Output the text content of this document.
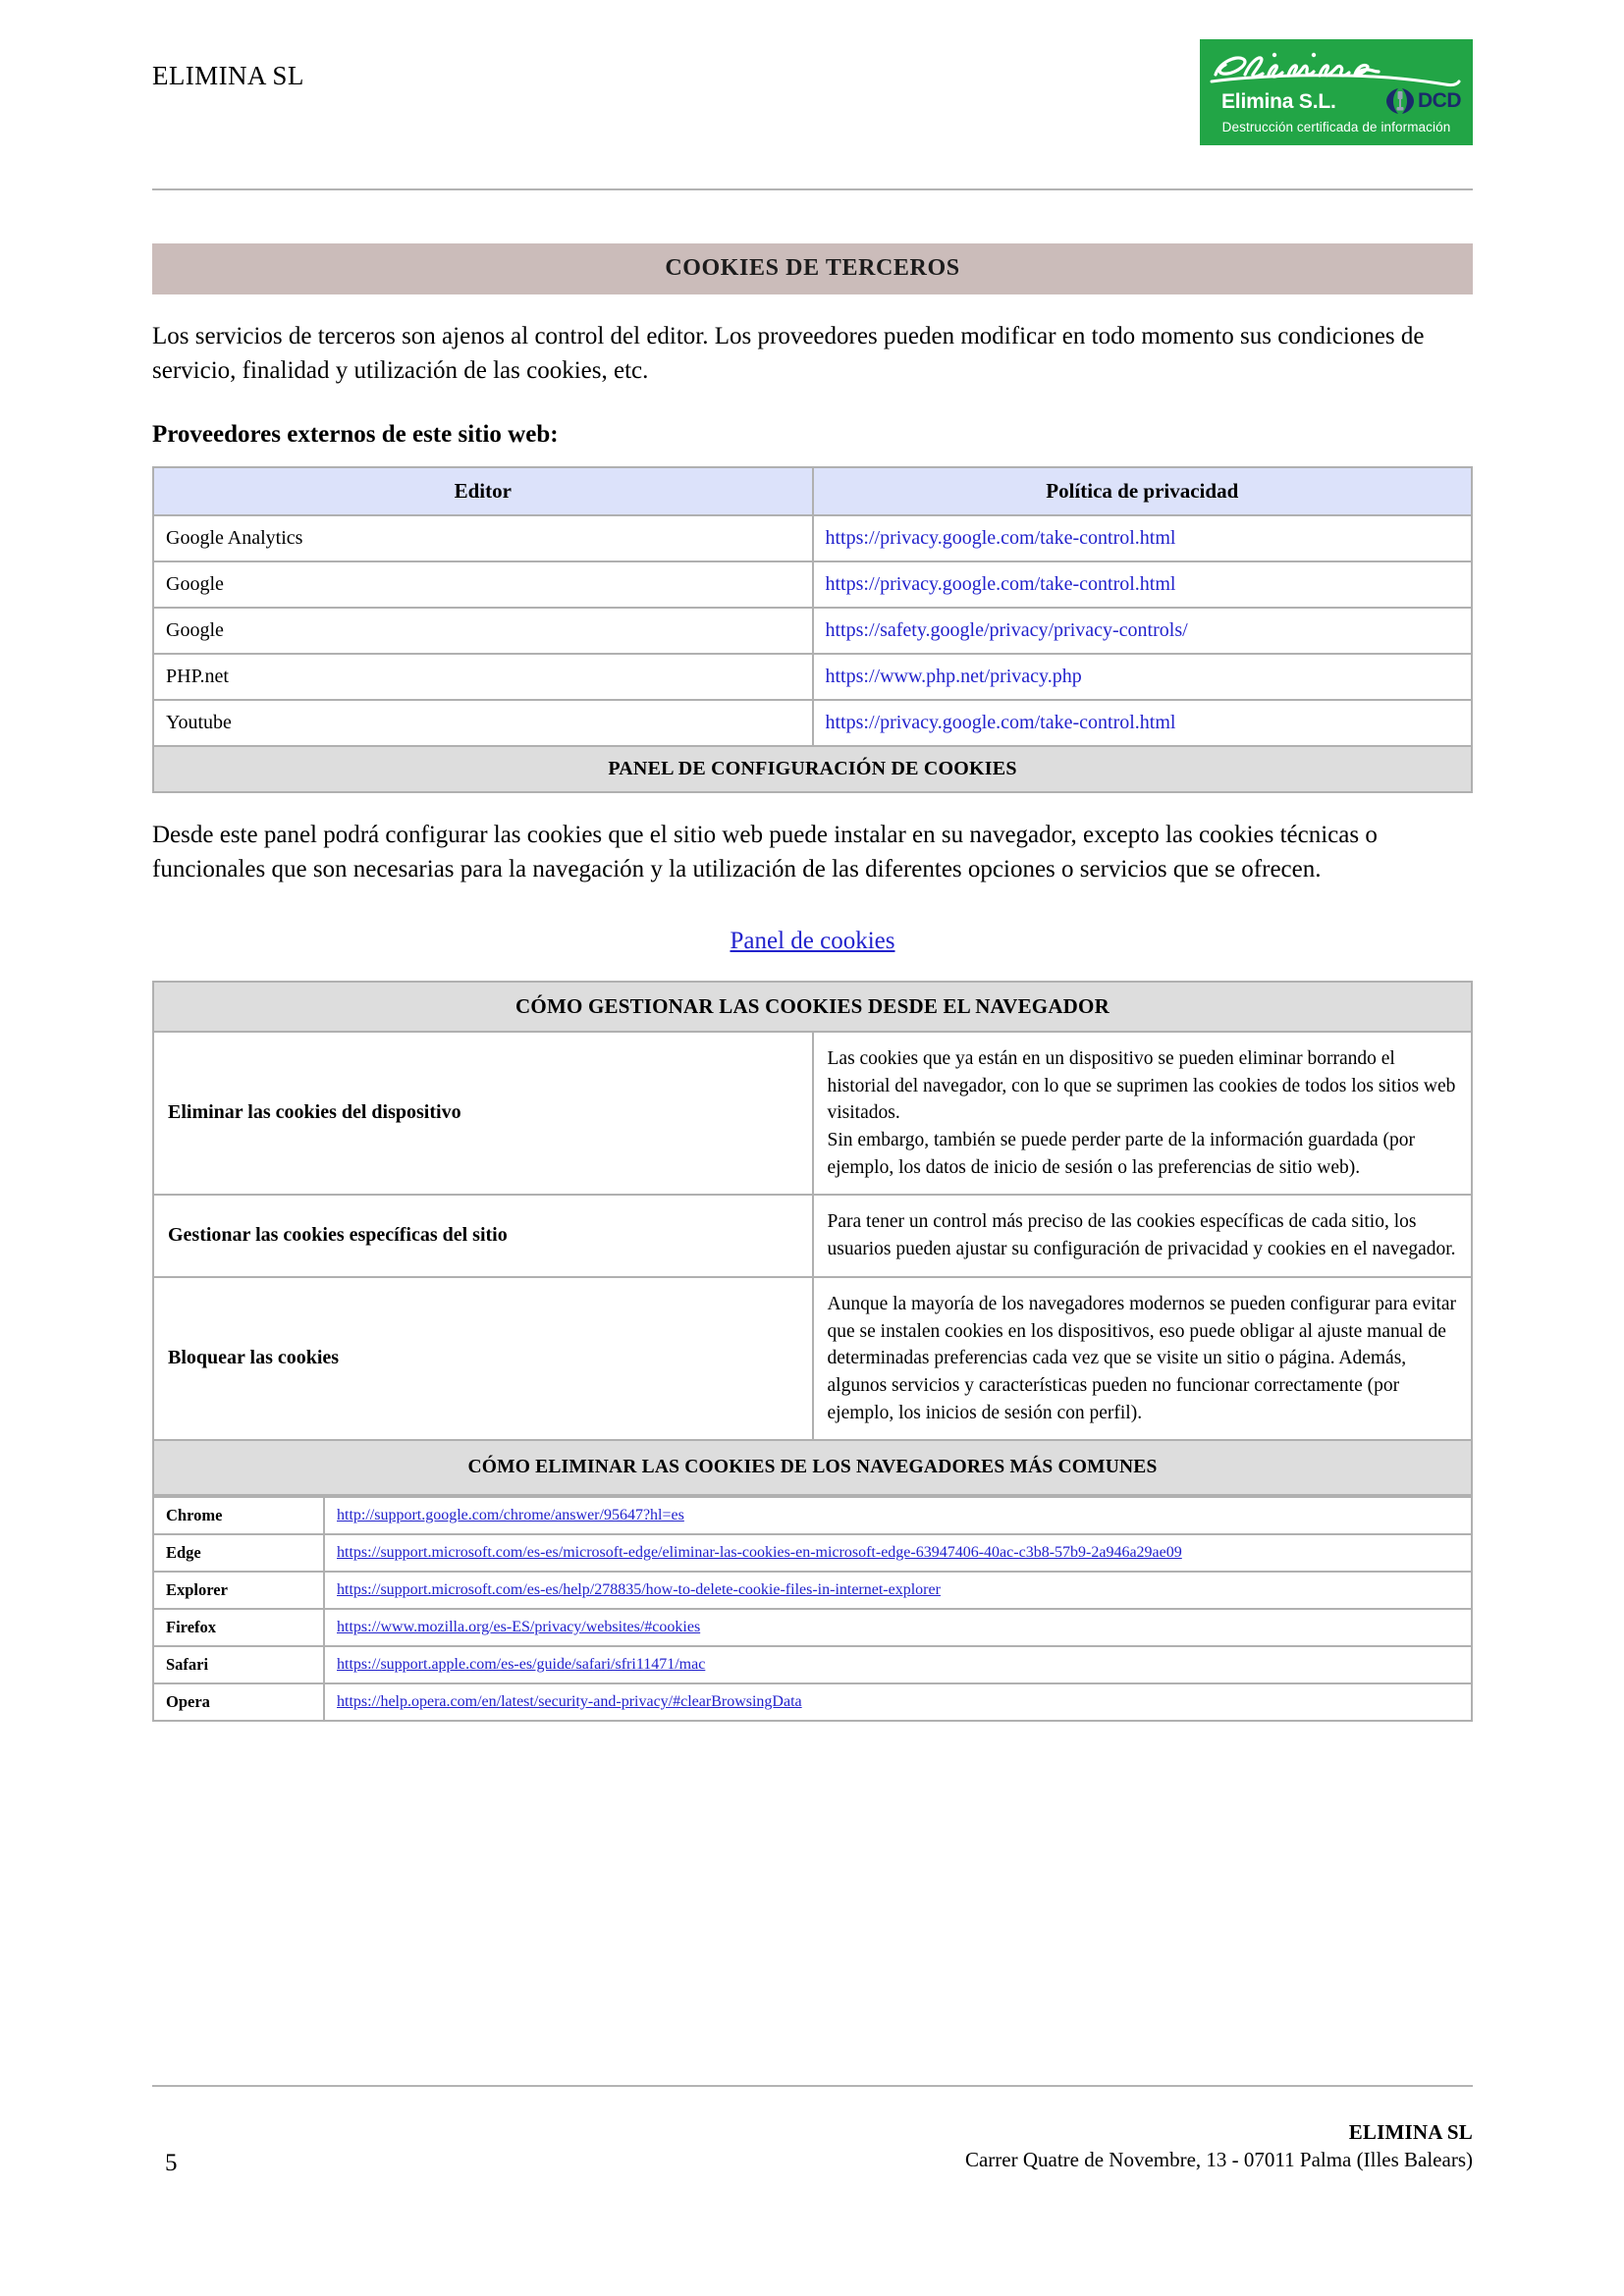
ELIMINA SL
Elimina S.L.	DCD
Destrucción certificada de información
COOKIES DE TERCEROS

Los servicios de terceros son ajenos al control del editor. Los proveedores pueden modificar en todo momento sus condiciones de servicio, finalidad y utilización de las cookies, etc.

Proveedores externos de este sitio web:
Editor	Política de privacidad
Google Analytics	https://privacy.google.com/take-control.html
Google	https://privacy.google.com/take-control.html
Google	https://safety.google/privacy/privacy-controls/
PHP.net	https://www.php.net/privacy.php
Youtube	https://privacy.google.com/take-control.html
PANEL DE CONFIGURACIÓN DE COOKIES	

Desde este panel podrá configurar las cookies que el sitio web puede instalar en su navegador, excepto las cookies técnicas o funcionales que son necesarias para la navegación y la utilización de las diferentes opciones o servicios que se ofrecen.

Panel de cookies
CÓMO GESTIONAR LAS COOKIES DESDE EL NAVEGADOR	
Eliminar las cookies del dispositivo	Las cookies que ya están en un dispositivo se pueden eliminar borrando el historial del navegador, con lo que se suprimen las cookies de todos los sitios web visitados.
Sin embargo, también se puede perder parte de la información guardada (por ejemplo, los datos de inicio de sesión o las preferencias de sitio web).
Gestionar las cookies específicas del sitio	Para tener un control más preciso de las cookies específicas de cada sitio, los usuarios pueden ajustar su configuración de privacidad y cookies en el navegador.
Bloquear las cookies	Aunque la mayoría de los navegadores modernos se pueden configurar para evitar que se instalen cookies en los dispositivos, eso puede obligar al ajuste manual de determinadas preferencias cada vez que se visite un sitio o página. Además, algunos servicios y características pueden no funcionar correctamente (por ejemplo, los inicios de sesión con perfil).
CÓMO ELIMINAR LAS COOKIES DE LOS NAVEGADORES MÁS COMUNES	
Chrome	http://support.google.com/chrome/answer/95647?hl=es
Edge	https://support.microsoft.com/es-es/microsoft-edge/eliminar-las-cookies-en-microsoft-edge-63947406-40ac-c3b8-57b9-2a946a29ae09
Explorer	https://support.microsoft.com/es-es/help/278835/how-to-delete-cookie-files-in-internet-explorer
Firefox	https://www.mozilla.org/es-ES/privacy/websites/#cookies
Safari	https://support.apple.com/es-es/guide/safari/sfri11471/mac
Opera	https://help.opera.com/en/latest/security-and-privacy/#clearBrowsingData
5
ELIMINA SL
Carrer Quatre de Novembre, 13 - 07011 Palma (Illes Balears)
